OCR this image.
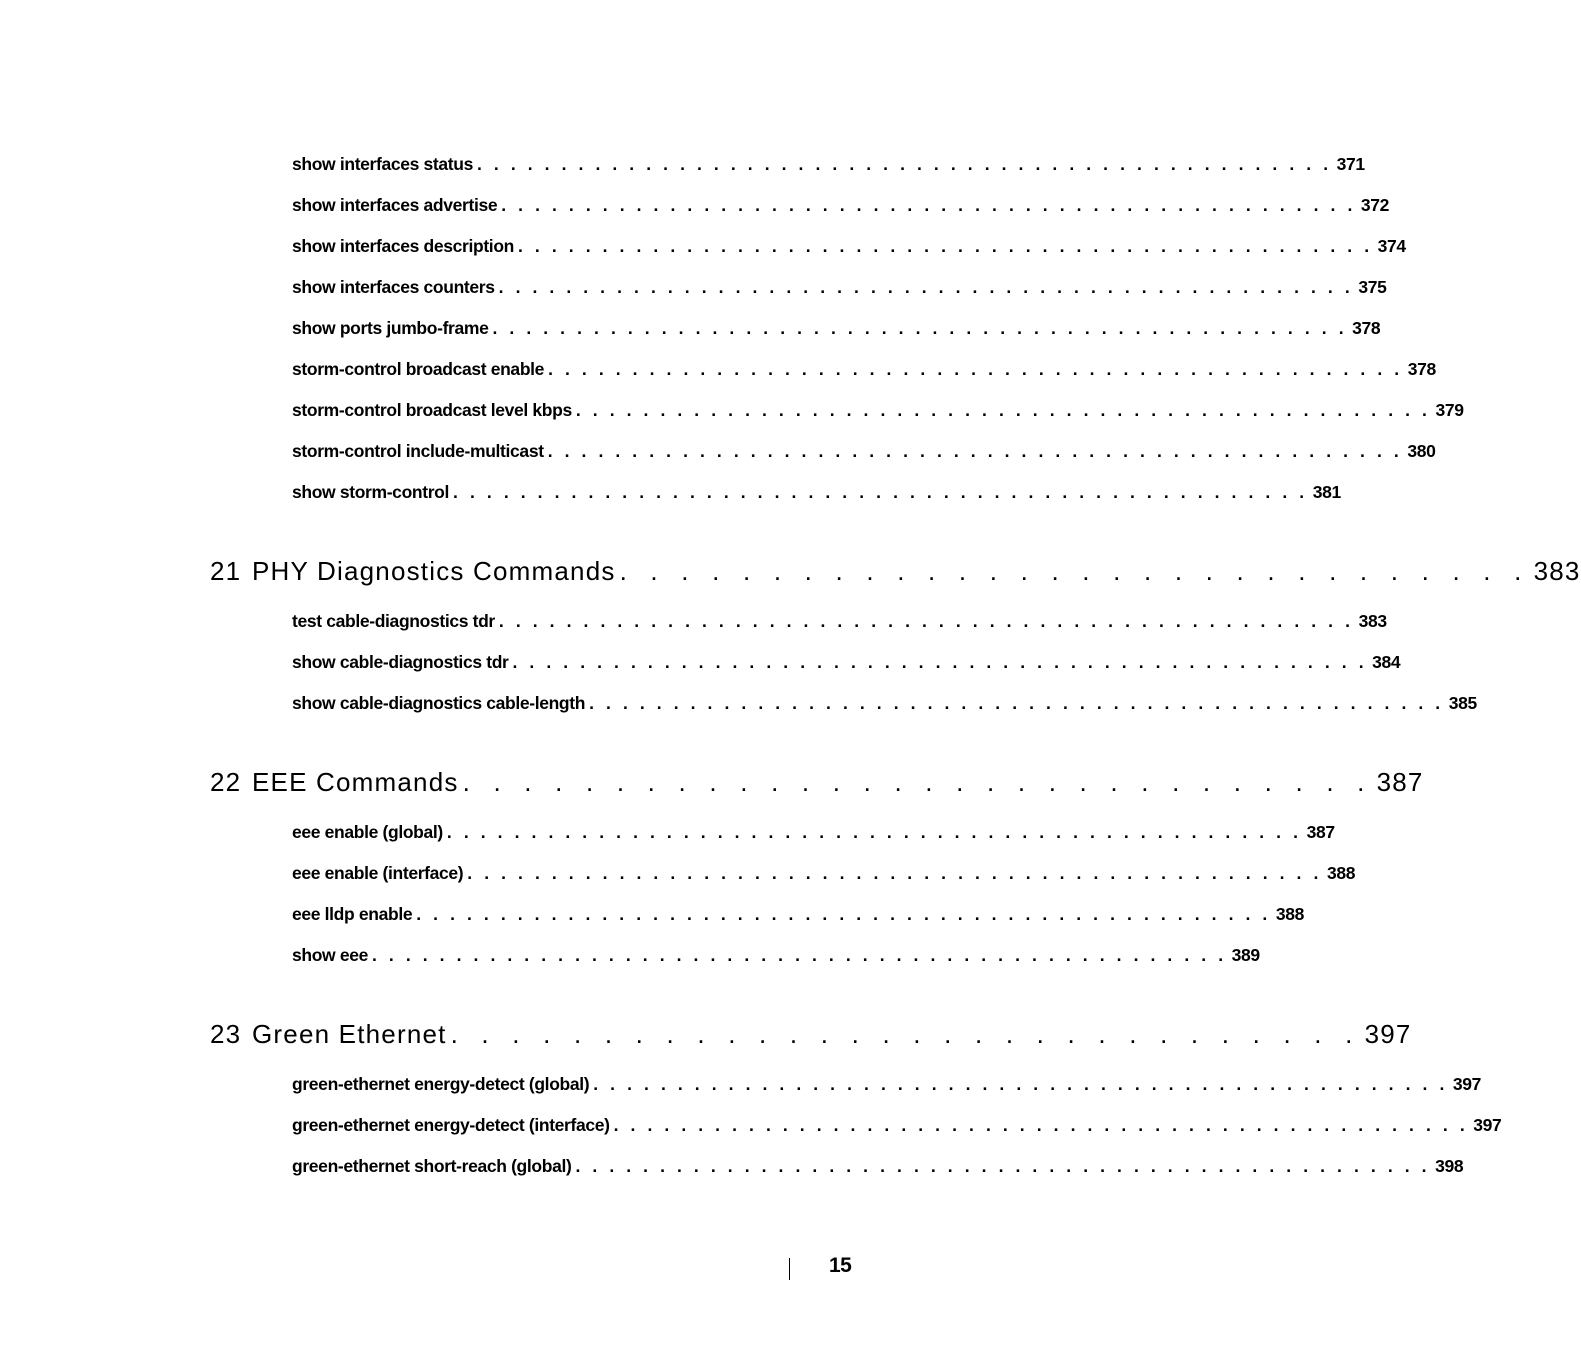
show interfaces status . . . . . . . . . . . . . . . . . . . . . . . . . . . . . . . . . . . . . . . . . . . . . . . . . . . 371
show interfaces advertise . . . . . . . . . . . . . . . . . . . . . . . . . . . . . . . . . . . . . . . . . . . . . . . . . . . 372
show interfaces description . . . . . . . . . . . . . . . . . . . . . . . . . . . . . . . . . . . . . . . . . . . . . . . . . . . 374
show interfaces counters . . . . . . . . . . . . . . . . . . . . . . . . . . . . . . . . . . . . . . . . . . . . . . . . . . . 375
show ports jumbo-frame . . . . . . . . . . . . . . . . . . . . . . . . . . . . . . . . . . . . . . . . . . . . . . . . . . . 378
storm-control broadcast enable . . . . . . . . . . . . . . . . . . . . . . . . . . . . . . . . . . . . . . . . . . . . . . . . . . . 378
storm-control broadcast level kbps . . . . . . . . . . . . . . . . . . . . . . . . . . . . . . . . . . . . . . . . . . . . . . . . . . . 379
storm-control include-multicast . . . . . . . . . . . . . . . . . . . . . . . . . . . . . . . . . . . . . . . . . . . . . . . . . . . 380
show storm-control . . . . . . . . . . . . . . . . . . . . . . . . . . . . . . . . . . . . . . . . . . . . . . . . . . . 381
21 PHY Diagnostics Commands . . . . . . . . . . . . . . . . . . . . . . . . . . . . . . 383
test cable-diagnostics tdr . . . . . . . . . . . . . . . . . . . . . . . . . . . . . . . . . . . . . . . . . . . . . . . . . . . 383
show cable-diagnostics tdr . . . . . . . . . . . . . . . . . . . . . . . . . . . . . . . . . . . . . . . . . . . . . . . . . . . 384
show cable-diagnostics cable-length . . . . . . . . . . . . . . . . . . . . . . . . . . . . . . . . . . . . . . . . . . . . . . . . . . . 385
22 EEE Commands . . . . . . . . . . . . . . . . . . . . . . . . . . . . . . 387
eee enable (global) . . . . . . . . . . . . . . . . . . . . . . . . . . . . . . . . . . . . . . . . . . . . . . . . . . . 387
eee enable (interface) . . . . . . . . . . . . . . . . . . . . . . . . . . . . . . . . . . . . . . . . . . . . . . . . . . . 388
eee lldp enable . . . . . . . . . . . . . . . . . . . . . . . . . . . . . . . . . . . . . . . . . . . . . . . . . . . 388
show eee . . . . . . . . . . . . . . . . . . . . . . . . . . . . . . . . . . . . . . . . . . . . . . . . . . . 389
23 Green Ethernet . . . . . . . . . . . . . . . . . . . . . . . . . . . . . . 397
green-ethernet energy-detect (global) . . . . . . . . . . . . . . . . . . . . . . . . . . . . . . . . . . . . . . . . . . . . . . . . . . . 397
green-ethernet energy-detect (interface) . . . . . . . . . . . . . . . . . . . . . . . . . . . . . . . . . . . . . . . . . . . . . . . . . . . 397
green-ethernet short-reach (global) . . . . . . . . . . . . . . . . . . . . . . . . . . . . . . . . . . . . . . . . . . . . . . . . . . . 398
15
